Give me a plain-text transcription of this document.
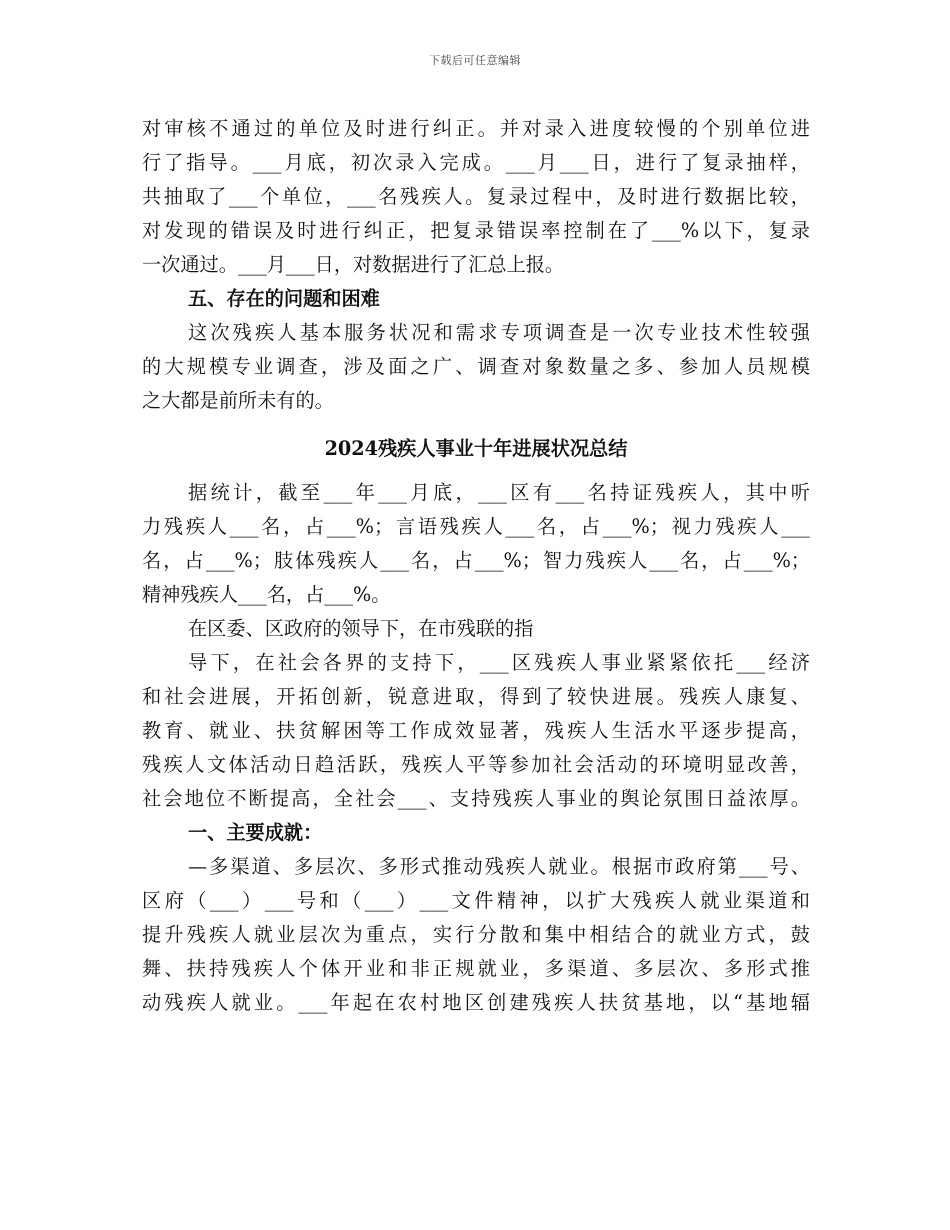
下载后可任意编辑
对审核不通过的单位及时进行纠正。并对录入进度较慢的个别单位进
行了指导。___月底，初次录入完成。___月___日，进行了复录抽样，
共抽取了___个单位，___名残疾人。复录过程中，及时进行数据比较，
对发现的错误及时进行纠正，把复录错误率控制在了___%以下，复录
一次通过。___月___日，对数据进行了汇总上报。
五、存在的问题和困难
这次残疾人基本服务状况和需求专项调查是一次专业技术性较强
的大规模专业调查，涉及面之广、调查对象数量之多、参加人员规模
之大都是前所未有的。
2024残疾人事业十年进展状况总结
据统计，截至___年___月底，___区有___名持证残疾人，其中听
力残疾人___名，占___%；言语残疾人___名，占___%；视力残疾人___
名，占___%；肢体残疾人___名，占___%；智力残疾人___名，占___%；
精神残疾人___名，占___%。
在区委、区政府的领导下，在市残联的指
导下，在社会各界的支持下，___区残疾人事业紧紧依托___经济
和社会进展，开拓创新，锐意进取，得到了较快进展。残疾人康复、
教育、就业、扶贫解困等工作成效显著，残疾人生活水平逐步提高，
残疾人文体活动日趋活跃，残疾人平等参加社会活动的环境明显改善，
社会地位不断提高，全社会___、支持残疾人事业的舆论氛围日益浓厚。
一、主要成就：
—多渠道、多层次、多形式推动残疾人就业。根据市政府第___号、
区府（___）___号和（___）___文件精神，以扩大残疾人就业渠道和
提升残疾人就业层次为重点，实行分散和集中相结合的就业方式，鼓
舞、扶持残疾人个体开业和非正规就业，多渠道、多层次、多形式推
动残疾人就业。___年起在农村地区创建残疾人扶贫基地，以“基地辐
